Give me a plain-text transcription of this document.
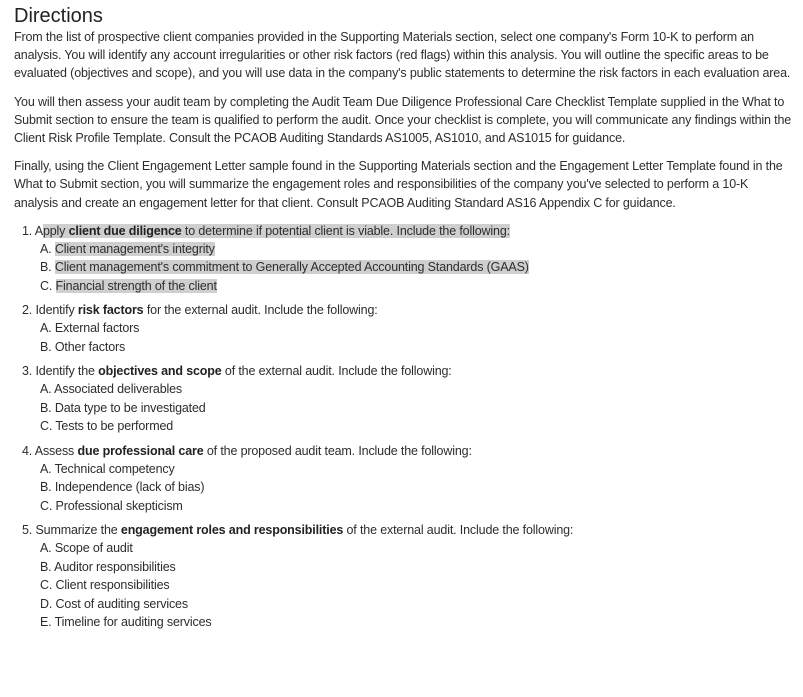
Directions

From the list of prospective client companies provided in the Supporting Materials section, select one company's Form 10-K to perform an analysis. You will identify any account irregularities or other risk factors (red flags) within this analysis. You will outline the specific areas to be evaluated (objectives and scope), and you will use data in the company's public statements to determine the risk factors in each evaluation area.

You will then assess your audit team by completing the Audit Team Due Diligence Professional Care Checklist Template supplied in the What to Submit section to ensure the team is qualified to perform the audit. Once your checklist is complete, you will communicate any findings within the Client Risk Profile Template. Consult the PCAOB Auditing Standards AS1005, AS1010, and AS1015 for guidance.

Finally, using the Client Engagement Letter sample found in the Supporting Materials section and the Engagement Letter Template found in the What to Submit section, you will summarize the engagement roles and responsibilities of the company you've selected to perform a 10-K analysis and create an engagement letter for that client. Consult PCAOB Auditing Standard AS16 Appendix C for guidance.

1. Apply client due diligence to determine if potential client is viable. Include the following:
A. Client management's integrity
B. Client management's commitment to Generally Accepted Accounting Standards (GAAS)
C. Financial strength of the client
2. Identify risk factors for the external audit. Include the following:
A. External factors
B. Other factors
3. Identify the objectives and scope of the external audit. Include the following:
A. Associated deliverables
B. Data type to be investigated
C. Tests to be performed
4. Assess due professional care of the proposed audit team. Include the following:
A. Technical competency
B. Independence (lack of bias)
C. Professional skepticism
5. Summarize the engagement roles and responsibilities of the external audit. Include the following:
A. Scope of audit
B. Auditor responsibilities
C. Client responsibilities
D. Cost of auditing services
E. Timeline for auditing services
